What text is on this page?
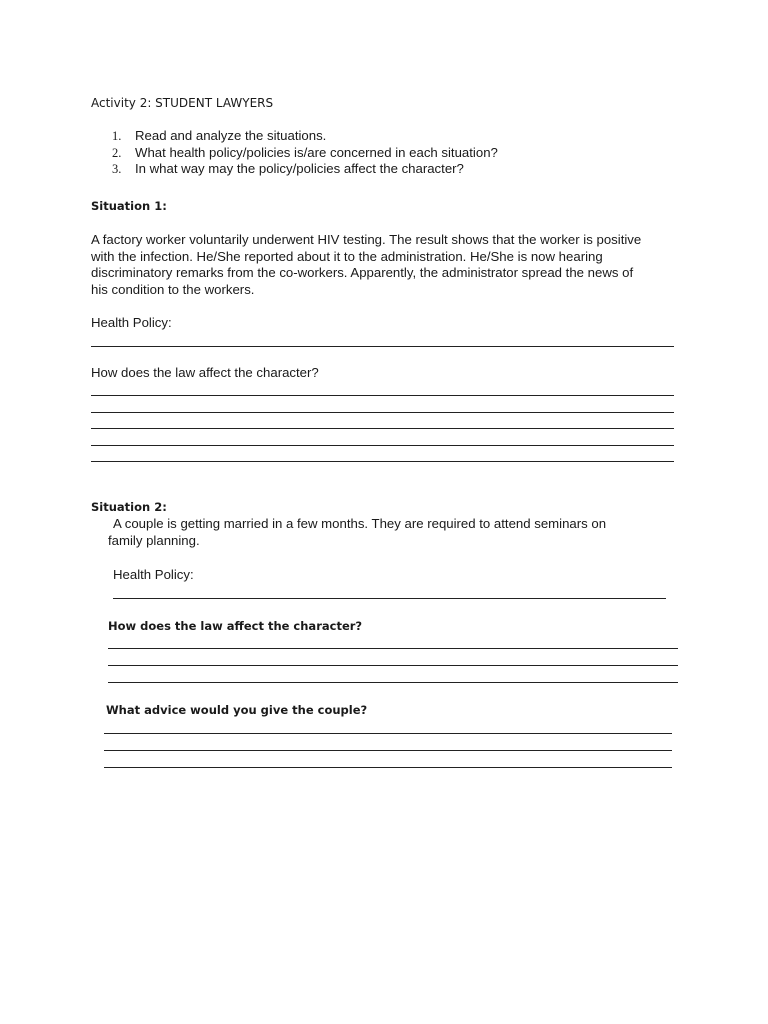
Activity 2: STUDENT LAWYERS
1. Read and analyze the situations.
2. What health policy/policies is/are concerned in each situation?
3. In what way may the policy/policies affect the character?
Situation 1:
A factory worker voluntarily underwent HIV testing. The result shows that the worker is positive
with the infection. He/She reported about it to the administration. He/She is now hearing
discriminatory remarks from the co-workers. Apparently, the administrator spread the news of
his condition to the workers.
Health Policy:
How does the law affect the character?
Situation 2:
A couple is getting married in a few months. They are required to attend seminars on
family planning.
Health Policy:
How does the law affect the character?
What advice would you give the couple?
